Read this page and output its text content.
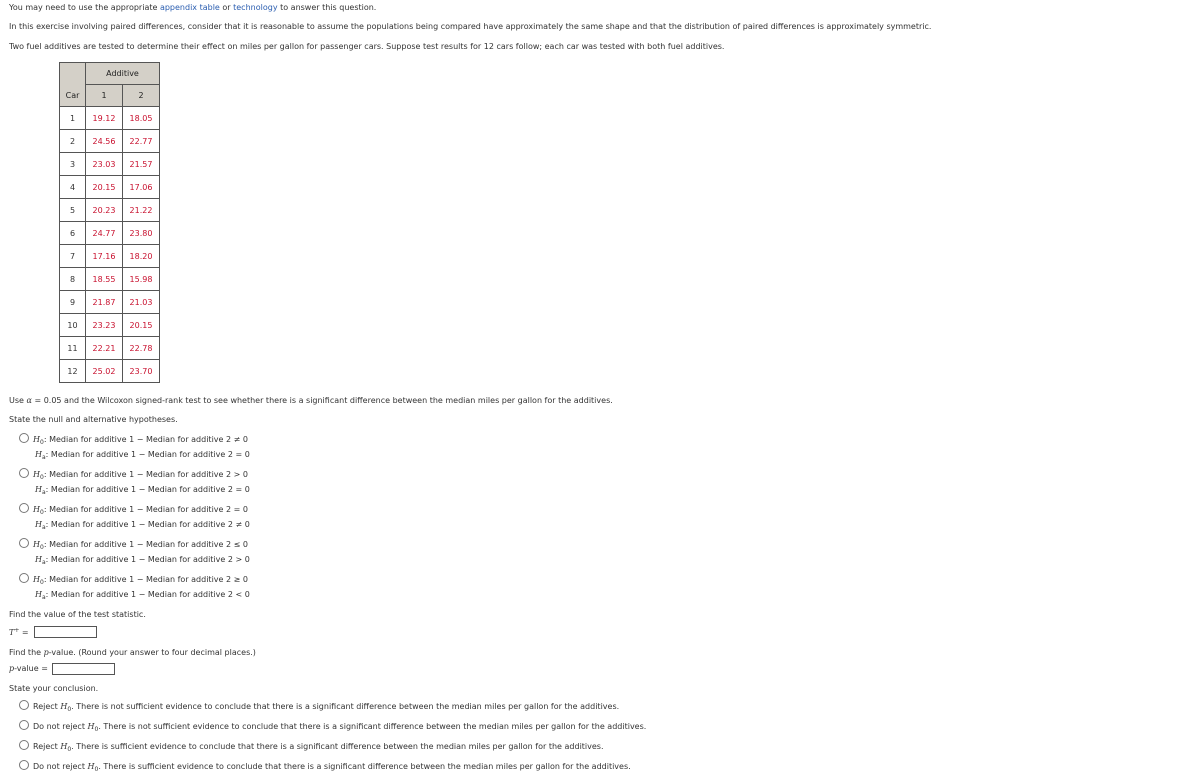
You may need to use the appropriate appendix table or technology to answer this question.
In this exercise involving paired differences, consider that it is reasonable to assume the populations being compared have approximately the same shape and that the distribution of paired differences is approximately symmetric.
Two fuel additives are tested to determine their effect on miles per gallon for passenger cars. Suppose test results for 12 cars follow; each car was tested with both fuel additives.
	Additive	
Car	1	2
1	19.12	18.05
2	24.56	22.77
3	23.03	21.57
4	20.15	17.06
5	20.23	21.22
6	24.77	23.80
7	17.16	18.20
8	18.55	15.98
9	21.87	21.03
10	23.23	20.15
11	22.21	22.78
12	25.02	23.70
Use α = 0.05 and the Wilcoxon signed-rank test to see whether there is a significant difference between the median miles per gallon for the additives.
State the null and alternative hypotheses.
$H_0$: Median for additive 1 − Median for additive 2 ≠ 0
$H_a$: Median for additive 1 − Median for additive 2 = 0
$H_0$: Median for additive 1 − Median for additive 2 > 0
$H_a$: Median for additive 1 − Median for additive 2 = 0
$H_0$: Median for additive 1 − Median for additive 2 = 0
$H_a$: Median for additive 1 − Median for additive 2 ≠ 0
$H_0$: Median for additive 1 − Median for additive 2 ≤ 0
$H_a$: Median for additive 1 − Median for additive 2 > 0
$H_0$: Median for additive 1 − Median for additive 2 ≥ 0
$H_a$: Median for additive 1 − Median for additive 2 < 0
Find the value of the test statistic.
T+ =
Find the p-value. (Round your answer to four decimal places.)
p-value =
State your conclusion.
Reject $H_0$. There is not sufficient evidence to conclude that there is a significant difference between the median miles per gallon for the additives.
Do not reject $H_0$. There is not sufficient evidence to conclude that there is a significant difference between the median miles per gallon for the additives.
Reject $H_0$. There is sufficient evidence to conclude that there is a significant difference between the median miles per gallon for the additives.
Do not reject $H_0$. There is sufficient evidence to conclude that there is a significant difference between the median miles per gallon for the additives.
